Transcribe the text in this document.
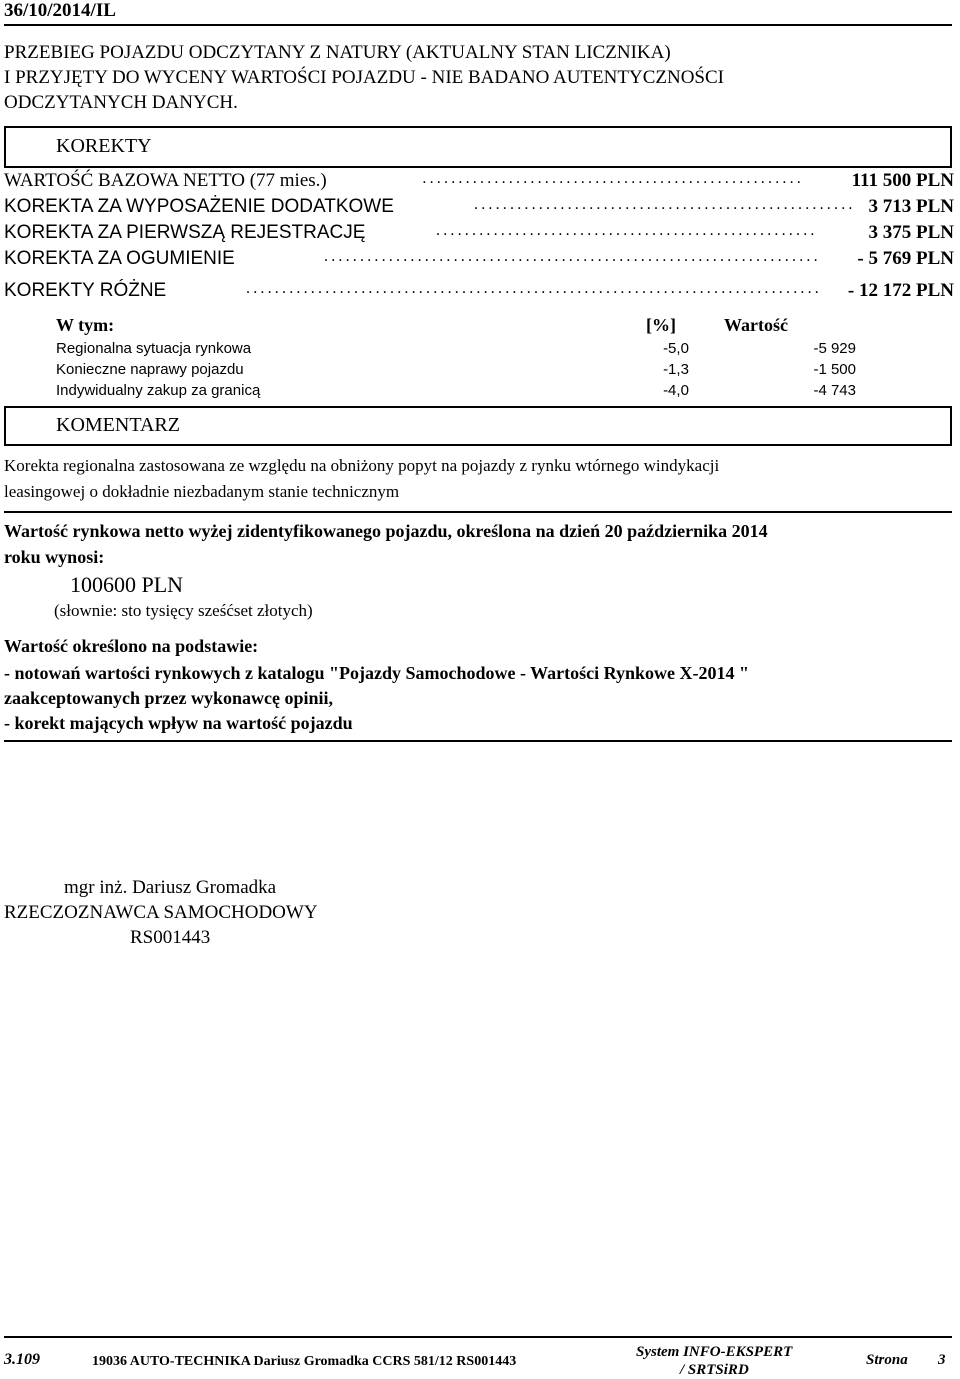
36/10/2014/IL
PRZEBIEG POJAZDU ODCZYTANY Z NATURY (AKTUALNY STAN LICZNIKA)
I PRZYJĘTY DO WYCENY WARTOŚCI POJAZDU - NIE BADANO AUTENTYCZNOŚCI
ODCZYTANYCH DANYCH.
KOREKTY
WARTOŚĆ BAZOWA NETTO (77 mies.)	.....................................................	111 500 PLN
KOREKTA ZA WYPOSAŻENIE DODATKOWE	..................................................... 3 713 PLN
KOREKTA ZA PIERWSZĄ REJESTRACJĘ	.....................................................	3 375 PLN
KOREKTA ZA OGUMIENIE	..................................................................... - 5 769 PLN
KOREKTY RÓŻNE	................................................................................ - 12 172 PLN
W tym:	[%]	Wartość
Regionalna sytuacja rynkowa	-5,0	-5 929
Konieczne naprawy pojazdu	-1,3	-1 500
Indywidualny zakup za granicą	-4,0	-4 743
KOMENTARZ
Korekta regionalna zastosowana ze względu na obniżony popyt na pojazdy z rynku wtórnego windykacji
leasingowej o dokładnie niezbadanym stanie technicznym
Wartość rynkowa netto wyżej zidentyfikowanego pojazdu, określona na dzień 20 października 2014
roku wynosi:
100600 PLN
(słownie: sto tysięcy sześćset złotych)
Wartość określono na podstawie:
- notowań wartości rynkowych z katalogu "Pojazdy Samochodowe - Wartości Rynkowe X-2014 "
zaakceptowanych przez wykonawcę opinii,
- korekt mających wpływ na wartość pojazdu
mgr inż. Dariusz Gromadka
RZECZOZNAWCA SAMOCHODOWY
RS001443
3.109	19036 AUTO-TECHNIKA Dariusz Gromadka CCRS 581/12 RS001443
System INFO-EKSPERT
/ SRTSiRD
Strona 3
